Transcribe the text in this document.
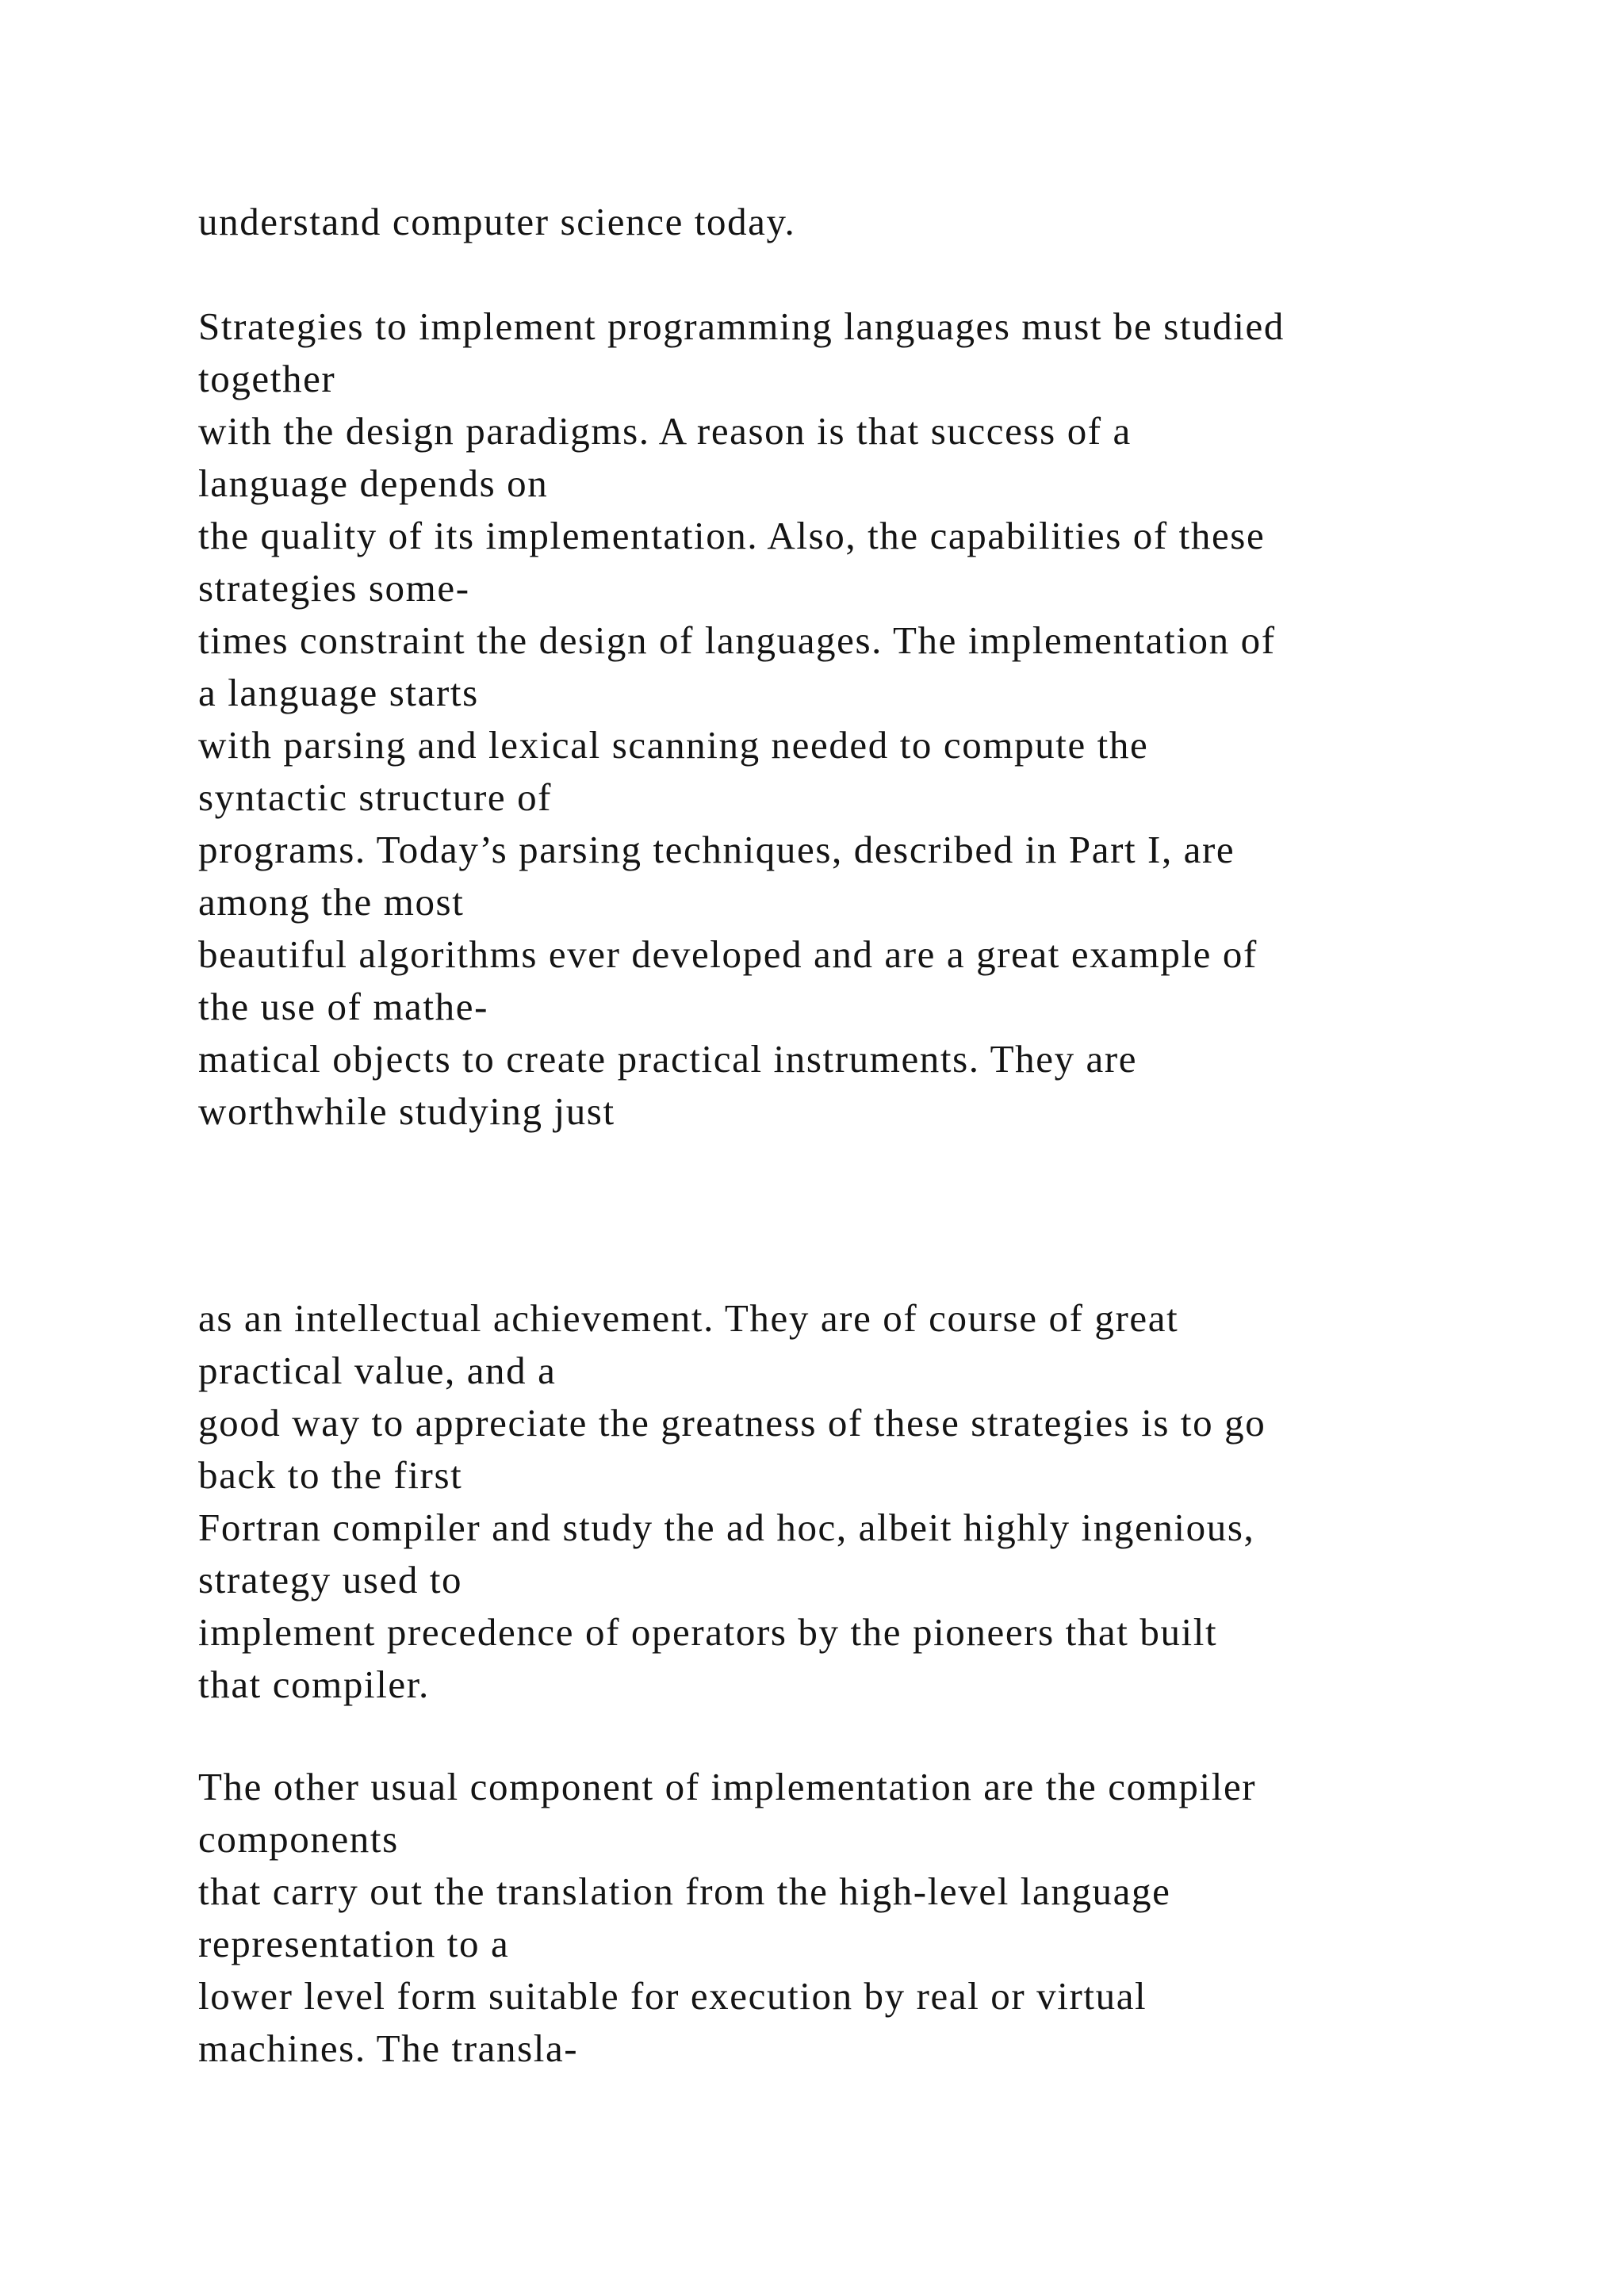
understand computer science today.
Strategies to implement programming languages must be studied
together
with the design paradigms. A reason is that success of a
language depends on
the quality of its implementation. Also, the capabilities of these
strategies some-
times constraint the design of languages. The implementation of
a language starts
with parsing and lexical scanning needed to compute the
syntactic structure of
programs. Today’s parsing techniques, described in Part I, are
among the most
beautiful algorithms ever developed and are a great example of
the use of mathe-
matical objects to create practical instruments. They are
worthwhile studying just
as an intellectual achievement. They are of course of great
practical value, and a
good way to appreciate the greatness of these strategies is to go
back to the first
Fortran compiler and study the ad hoc, albeit highly ingenious,
strategy used to
implement precedence of operators by the pioneers that built
that compiler.
The other usual component of implementation are the compiler
components
that carry out the translation from the high-level language
representation to a
lower level form suitable for execution by real or virtual
machines. The transla-
